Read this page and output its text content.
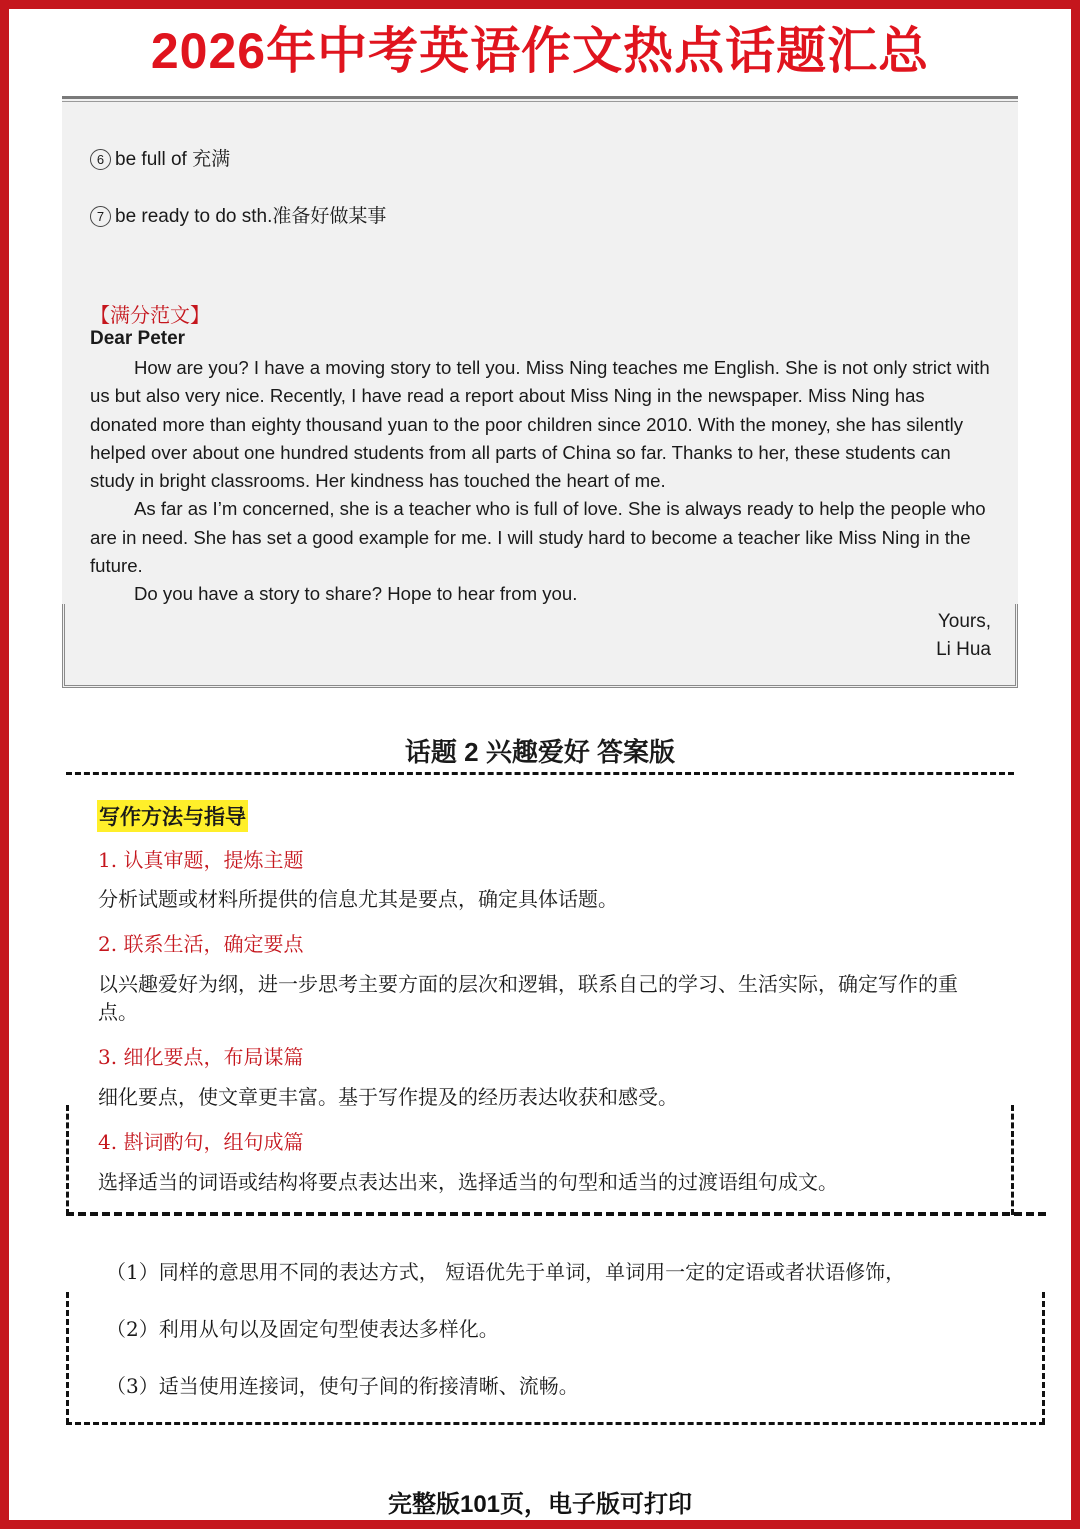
2026年中考英语作文热点话题汇总
6 be full of 充满
7 be ready to do sth.准备好做某事
【满分范文】
Dear Peter

How are you? I have a moving story to tell you. Miss Ning teaches me English. She is not only strict with us but also very nice. Recently, I have read a report about Miss Ning in the newspaper. Miss Ning has donated more than eighty thousand yuan to the poor children since 2010. With the money, she has silently helped over about one hundred students from all parts of China so far. Thanks to her, these students can study in bright classrooms. Her kindness has touched the heart of me.

As far as I’m concerned, she is a teacher who is full of love. She is always ready to help the people who are in need. She has set a good example for me. I will study hard to become a teacher like Miss Ning in the future.

Do you have a story to share? Hope to hear from you.

Yours,
Li Hua
话题 2 兴趣爱好 答案版
写作方法与指导
1. 认真审题，提炼主题
分析试题或材料所提供的信息尤其是要点，确定具体话题。
2. 联系生活，确定要点
以兴趣爱好为纲，进一步思考主要方面的层次和逻辑，联系自己的学习、生活实际，确定写作的重点。
3. 细化要点，布局谋篇
细化要点，使文章更丰富。基于写作提及的经历表达收获和感受。
4. 斟词酌句，组句成篇
选择适当的词语或结构将要点表达出来，选择适当的句型和适当的过渡语组句成文。
（1）同样的意思用不同的表达方式， 短语优先于单词，单词用一定的定语或者状语修饰，
（2）利用从句以及固定句型使表达多样化。
（3）适当使用连接词，使句子间的衔接清晰、流畅。
完整版101页，电子版可打印
